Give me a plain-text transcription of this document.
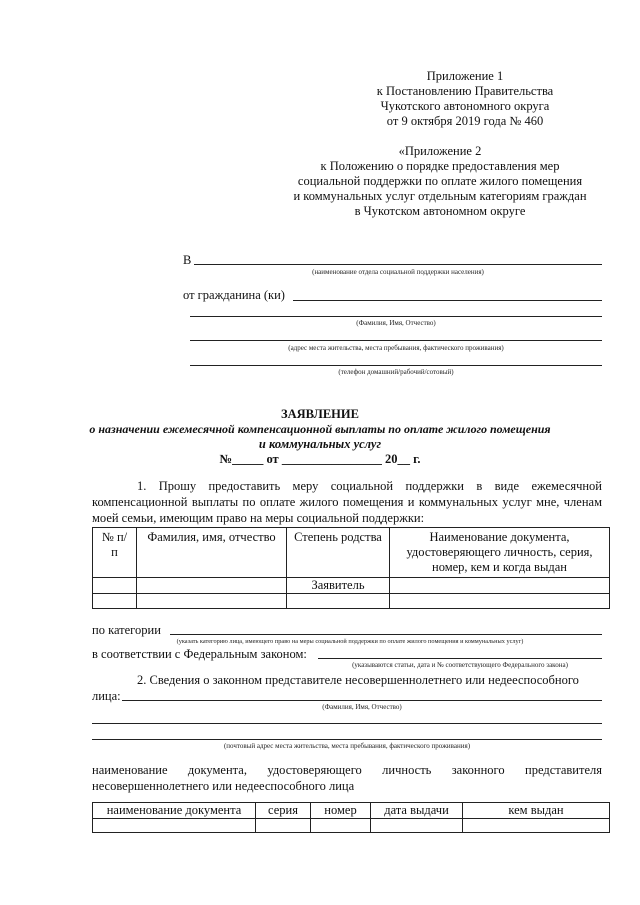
Приложение 1
к Постановлению Правительства
Чукотского автономного округа
от 9 октября 2019 года № 460
«Приложение 2
к Положению о порядке предоставления мер
социальной поддержки по оплате жилого помещения
и коммунальных услуг отдельным категориям граждан
в Чукотском автономном округе
В
(наименование отдела социальной поддержки населения)
от гражданина (ки)
(Фамилия, Имя, Отчество)
(адрес места жительства, места пребывания, фактического проживания)
(телефон домашний/рабочий/сотовый)
ЗАЯВЛЕНИЕ
о назначении ежемесячной компенсационной выплаты по оплате жилого помещения
и коммунальных услуг
№_____ от ________________ 20__ г.
1. Прошу предоставить меру социальной поддержки в виде ежемесячной компенсационной выплаты по оплате жилого помещения и коммунальных услуг мне, членам моей семьи, имеющим право на меры социальной поддержки:
№ п/п	Фамилия, имя, отчество	Степень родства	Наименование документа, удостоверяющего личность, серия, номер, кем и когда выдан
		Заявитель	

по категории
(указать категорию лица, имеющего право на меры социальной поддержки по оплате жилого помещения и коммунальных услуг)
в соответствии с Федеральным законом:
(указываются статьи, дата и № соответствующего Федерального закона)
2. Сведения о законном представителе несовершеннолетнего или недееспособного
лица:
(Фамилия, Имя, Отчество)
(почтовый адрес места жительства, места пребывания, фактического проживания)
наименование документа, удостоверяющего личность законного представителя
несовершеннолетнего или недееспособного лица
наименование документа	серия	номер	дата выдачи	кем выдан
